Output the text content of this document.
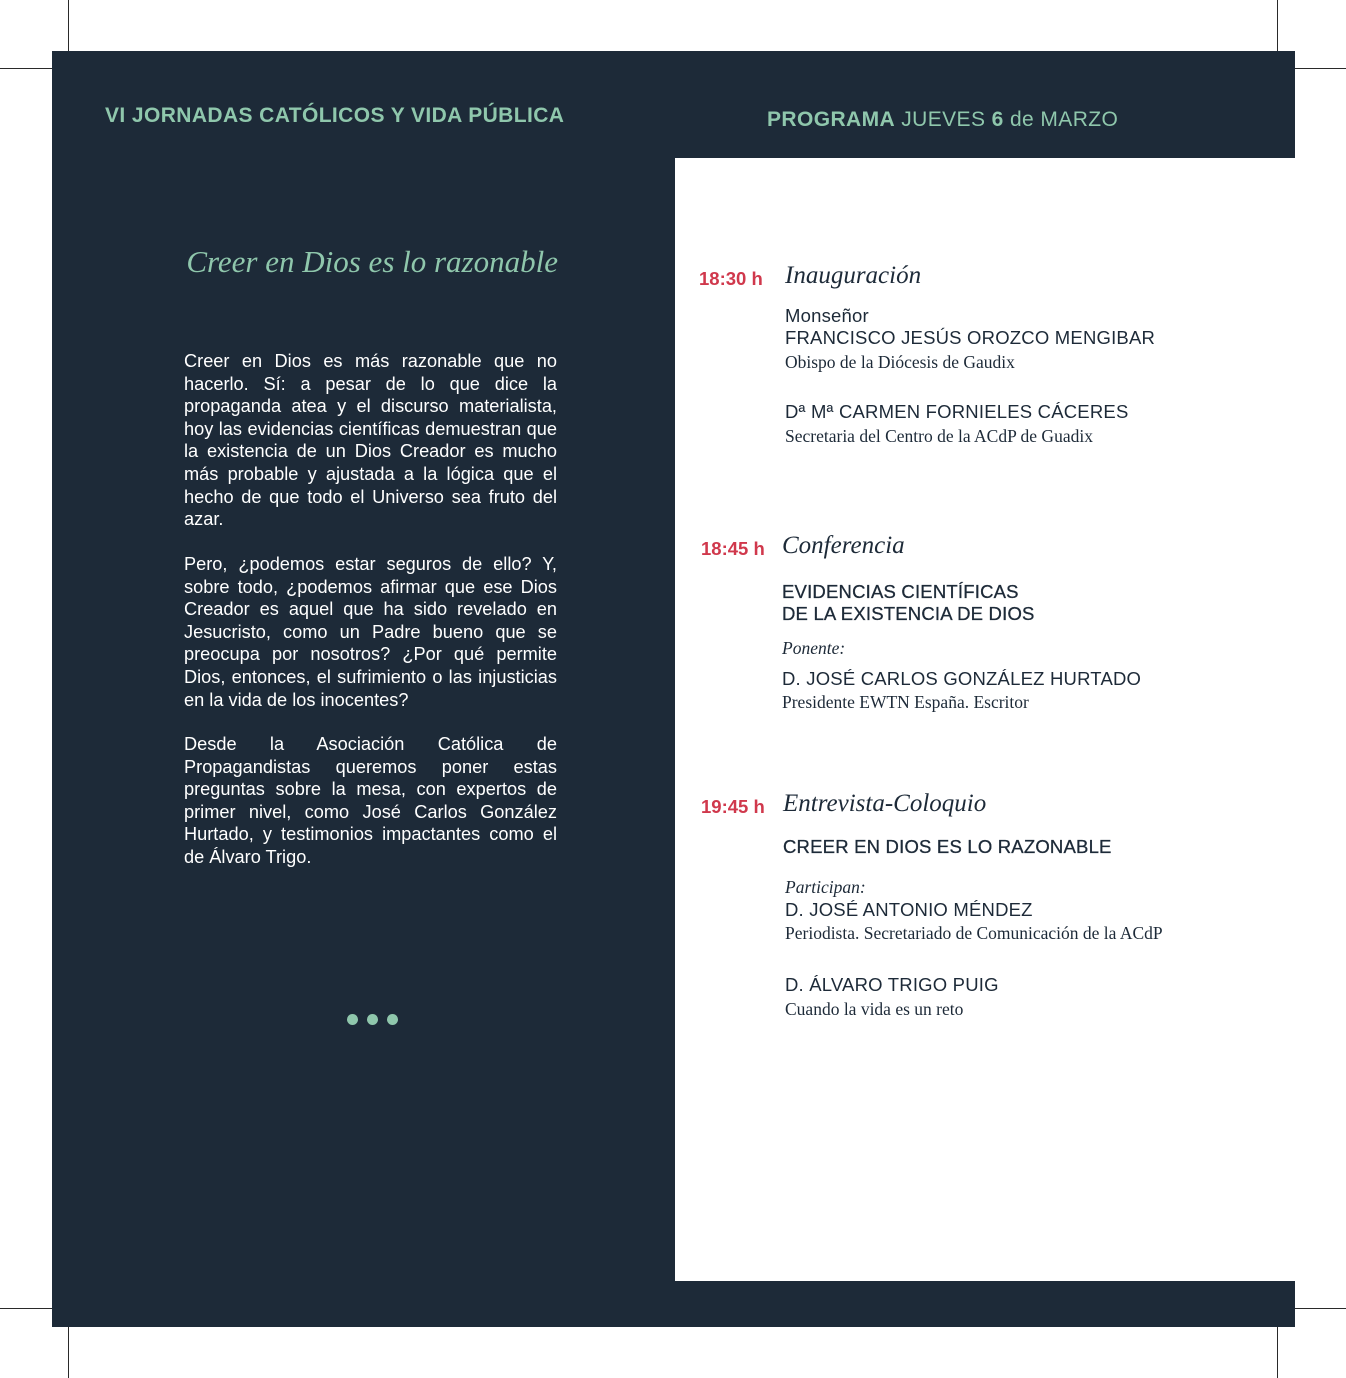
VI JORNADAS CATÓLICOS Y VIDA PÚBLICA	PROGRAMA JUEVES 6 de MARZO
Creer en Dios es lo razonable

Creer en Dios es más razonable que no hacerlo. Sí: a pesar de lo que dice la propaganda atea y el discurso materialista, hoy las evidencias científicas demuestran que la existencia de un Dios Creador es mucho más probable y ajustada a la lógica que el hecho de que todo el Universo sea fruto del azar.

Pero, ¿podemos estar seguros de ello? Y, sobre todo, ¿podemos afirmar que ese Dios Creador es aquel que ha sido revelado en Jesucristo, como un Padre bueno que se preocupa por nosotros? ¿Por qué permite Dios, entonces, el sufrimiento o las injusticias en la vida de los inocentes?

Desde la Asociación Católica de Propagandistas queremos poner estas preguntas sobre la mesa, con expertos de primer nivel, como José Carlos González Hurtado, y testimonios impactantes como el de Álvaro Trigo.

18:30 h Inauguración
Monseñor
FRANCISCO JESÚS OROZCO MENGIBAR
Obispo de la Diócesis de Gaudix
Dª Mª CARMEN FORNIELES CÁCERES
Secretaria del Centro de la ACdP de Guadix
18:45 h Conferencia
EVIDENCIAS CIENTÍFICAS
DE LA EXISTENCIA DE DIOS
Ponente:
D. JOSÉ CARLOS GONZÁLEZ HURTADO
Presidente EWTN España. Escritor
19:45 h Entrevista-Coloquio
CREER EN DIOS ES LO RAZONABLE
Participan:
D. JOSÉ ANTONIO MÉNDEZ
Periodista. Secretariado de Comunicación de la ACdP
D. ÁLVARO TRIGO PUIG
Cuando la vida es un reto
